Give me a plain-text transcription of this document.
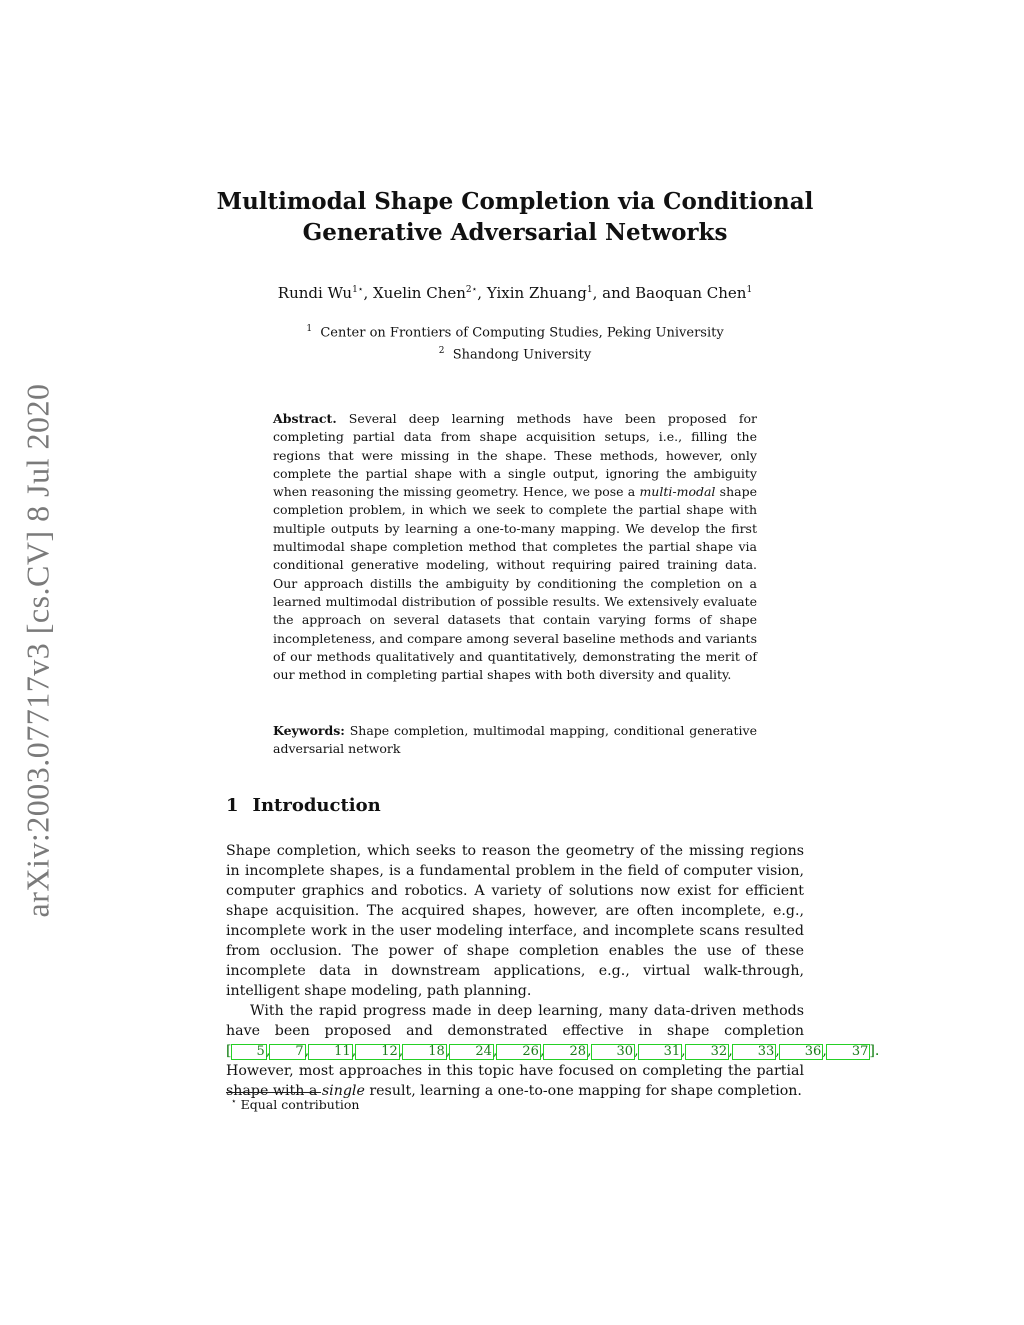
arXiv:2003.07717v3 [cs.CV] 8 Jul 2020
Multimodal Shape Completion via Conditional Generative Adversarial Networks
Rundi $Wu^{1⋆}$, Xuelin Chen$^{2⋆}$, Yixin Zhuang$^1$, and Baoquan Chen$^1$
$^1$ Center on Frontiers of Computing Studies, Peking University
$^2$ Shandong University

Abstract. Several deep learning methods have been proposed for completing partial data from shape acquisition setups, i.e., filling the regions that were missing in the shape. These methods, however, only complete the partial shape with a single output, ignoring the ambiguity when reasoning the missing geometry. Hence, we pose a multi-modal shape completion problem, in which we seek to complete the partial shape with multiple outputs by learning a one-to-many mapping. We develop the first multimodal shape completion method that completes the partial shape via conditional generative modeling, without requiring paired training data. Our approach distills the ambiguity by conditioning the completion on a learned multimodal distribution of possible results. We extensively evaluate the approach on several datasets that contain varying forms of shape incompleteness, and compare among several baseline methods and variants of our methods qualitatively and quantitatively, demonstrating the merit of our method in completing partial shapes with both diversity and quality.

Keywords: Shape completion, multimodal mapping, conditional generative adversarial network

1 Introduction

Shape completion, which seeks to reason the geometry of the missing regions in incomplete shapes, is a fundamental problem in the field of computer vision, computer graphics and robotics. A variety of solutions now exist for efficient shape acquisition. The acquired shapes, however, are often incomplete, e.g., incomplete work in the user modeling interface, and incomplete scans resulted from occlusion. The power of shape completion enables the use of these incomplete data in downstream applications, e.g., virtual walk-through, intelligent shape modeling, path planning.

With the rapid progress made in deep learning, many data-driven methods have been proposed and demonstrated effective in shape completion [ 5, 7, 11, 12, 18, 24, 26, 28, 30, 31, 32, 33, 36, 37]. However, most approaches in this topic have focused on completing the partial shape with a single result, learning a one-to-one mapping for shape completion.

⋆ Equal contribution
